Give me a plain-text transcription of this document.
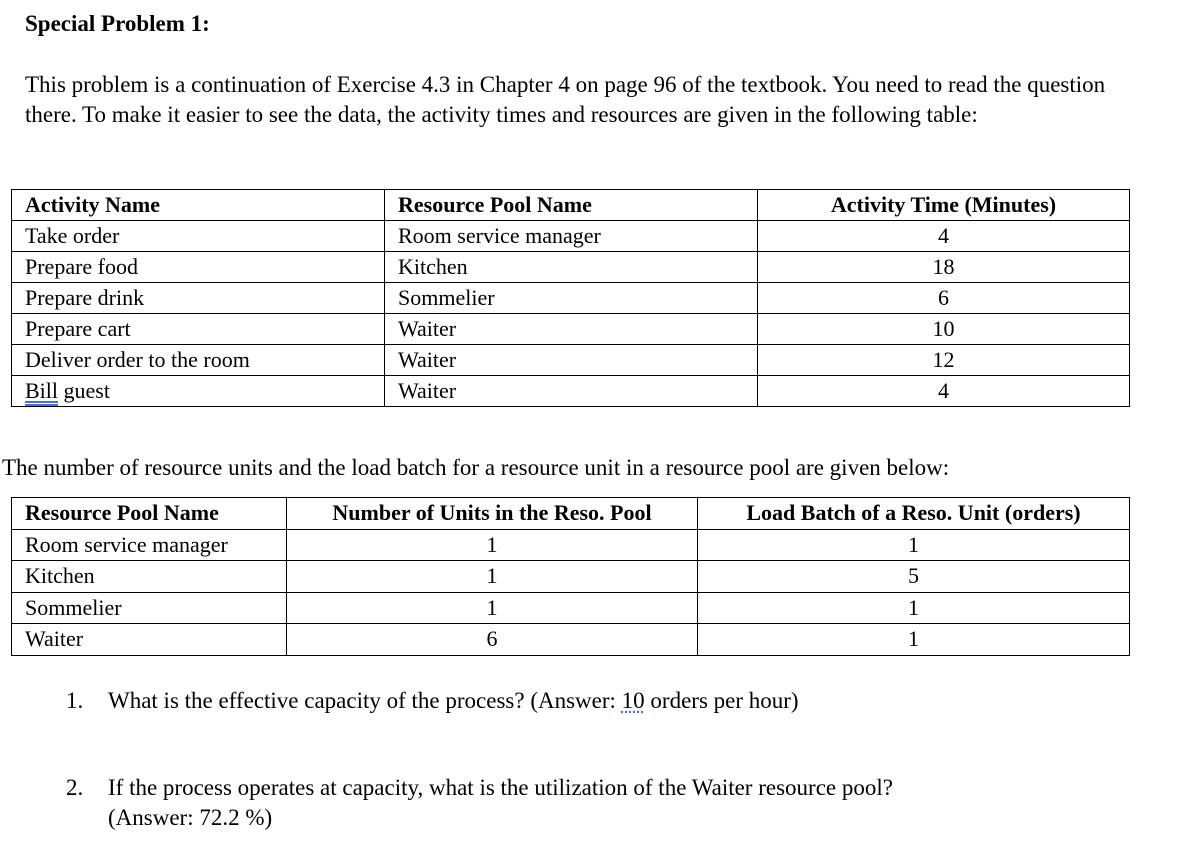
Special Problem 1:
This problem is a continuation of Exercise 4.3 in Chapter 4 on page 96 of the textbook. You need to read the question there. To make it easier to see the data, the activity times and resources are given in the following table:
Activity Name	Resource Pool Name	Activity Time (Minutes)
Take order	Room service manager	4
Prepare food	Kitchen	18
Prepare drink	Sommelier	6
Prepare cart	Waiter	10
Deliver order to the room	Waiter	12
Bill guest	Waiter	4
The number of resource units and the load batch for a resource unit in a resource pool are given below:
Resource Pool Name	Number of Units in the Reso. Pool	Load Batch of a Reso. Unit (orders)
Room service manager	1	1
Kitchen	1	5
Sommelier	1	1
Waiter	6	1
1. What is the effective capacity of the process? (Answer: 10 orders per hour)
2. If the process operates at capacity, what is the utilization of the Waiter resource pool?
(Answer: 72.2 %)
